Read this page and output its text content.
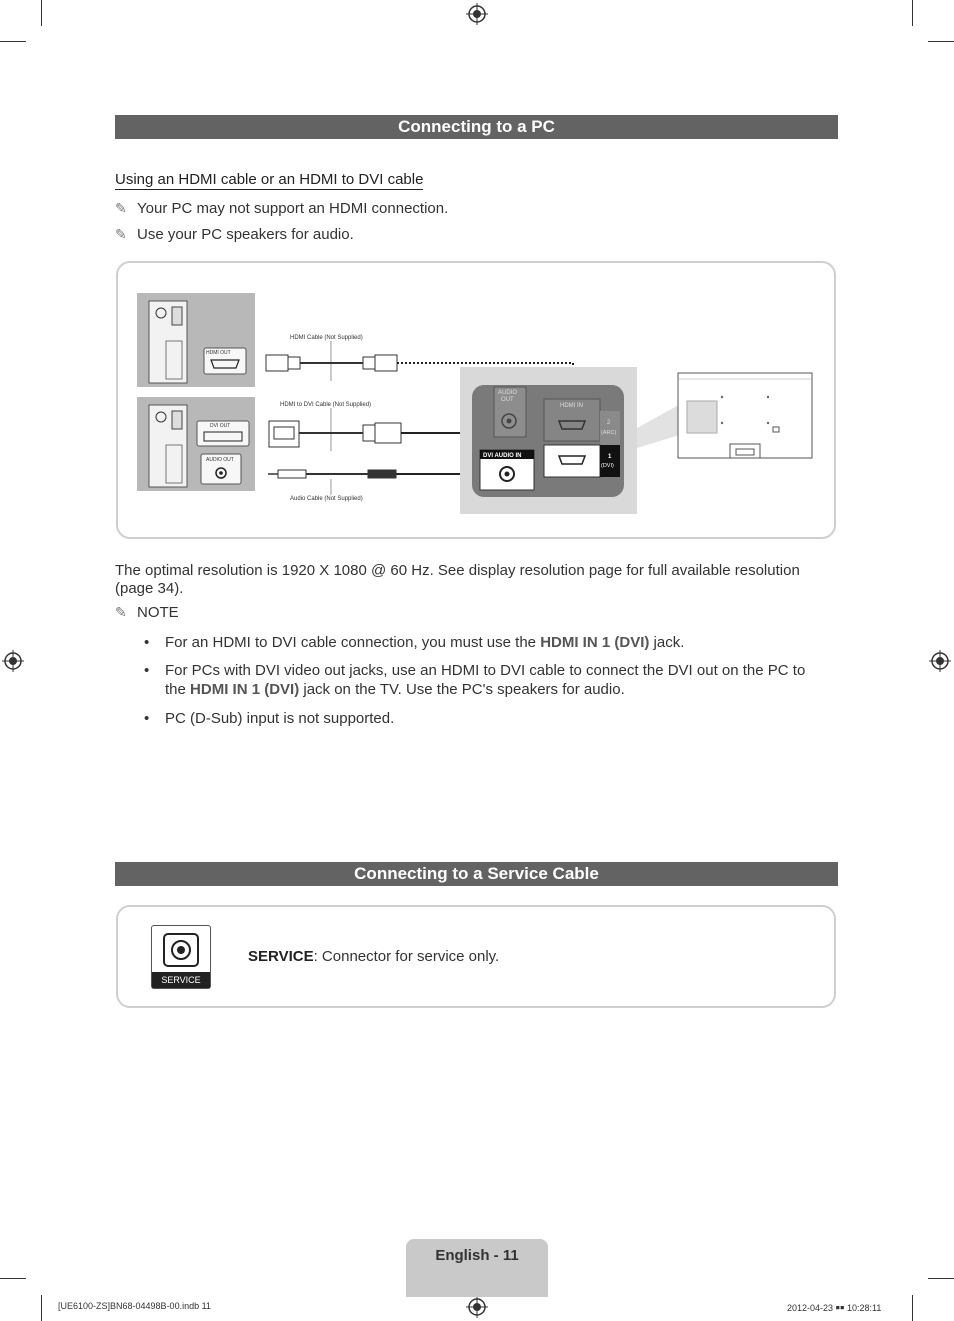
Connecting to a PC
Using an HDMI cable or an HDMI to DVI cable
✎ Your PC may not support an HDMI connection.
✎ Use your PC speakers for audio.
HDMI OUT
DVI OUT
AUDIO OUT
HDMI Cable (Not Supplied)
HDMI to DVI Cable (Not Supplied)
Audio Cable (Not Supplied)
AUDIO
OUT
HDMI IN
2
(ARC)
1
(DVI)
DVI AUDIO IN
The optimal resolution is 1920 X 1080 @ 60 Hz. See display resolution page for full available resolution
(page 34).
✎ NOTE
• For an HDMI to DVI cable connection, you must use the HDMI IN 1 (DVI) jack.
• For PCs with DVI video out jacks, use an HDMI to DVI cable to connect the DVI out on the PC to
the HDMI IN 1 (DVI) jack on the TV. Use the PC's speakers for audio.
• PC (D-Sub) input is not supported.
Connecting to a Service Cable
SERVICE
SERVICE: Connector for service only.
English - 11
[UE6100-ZS]BN68-04498B-00.indb 11	2012-04-23 ￭￭ 10:28:11
